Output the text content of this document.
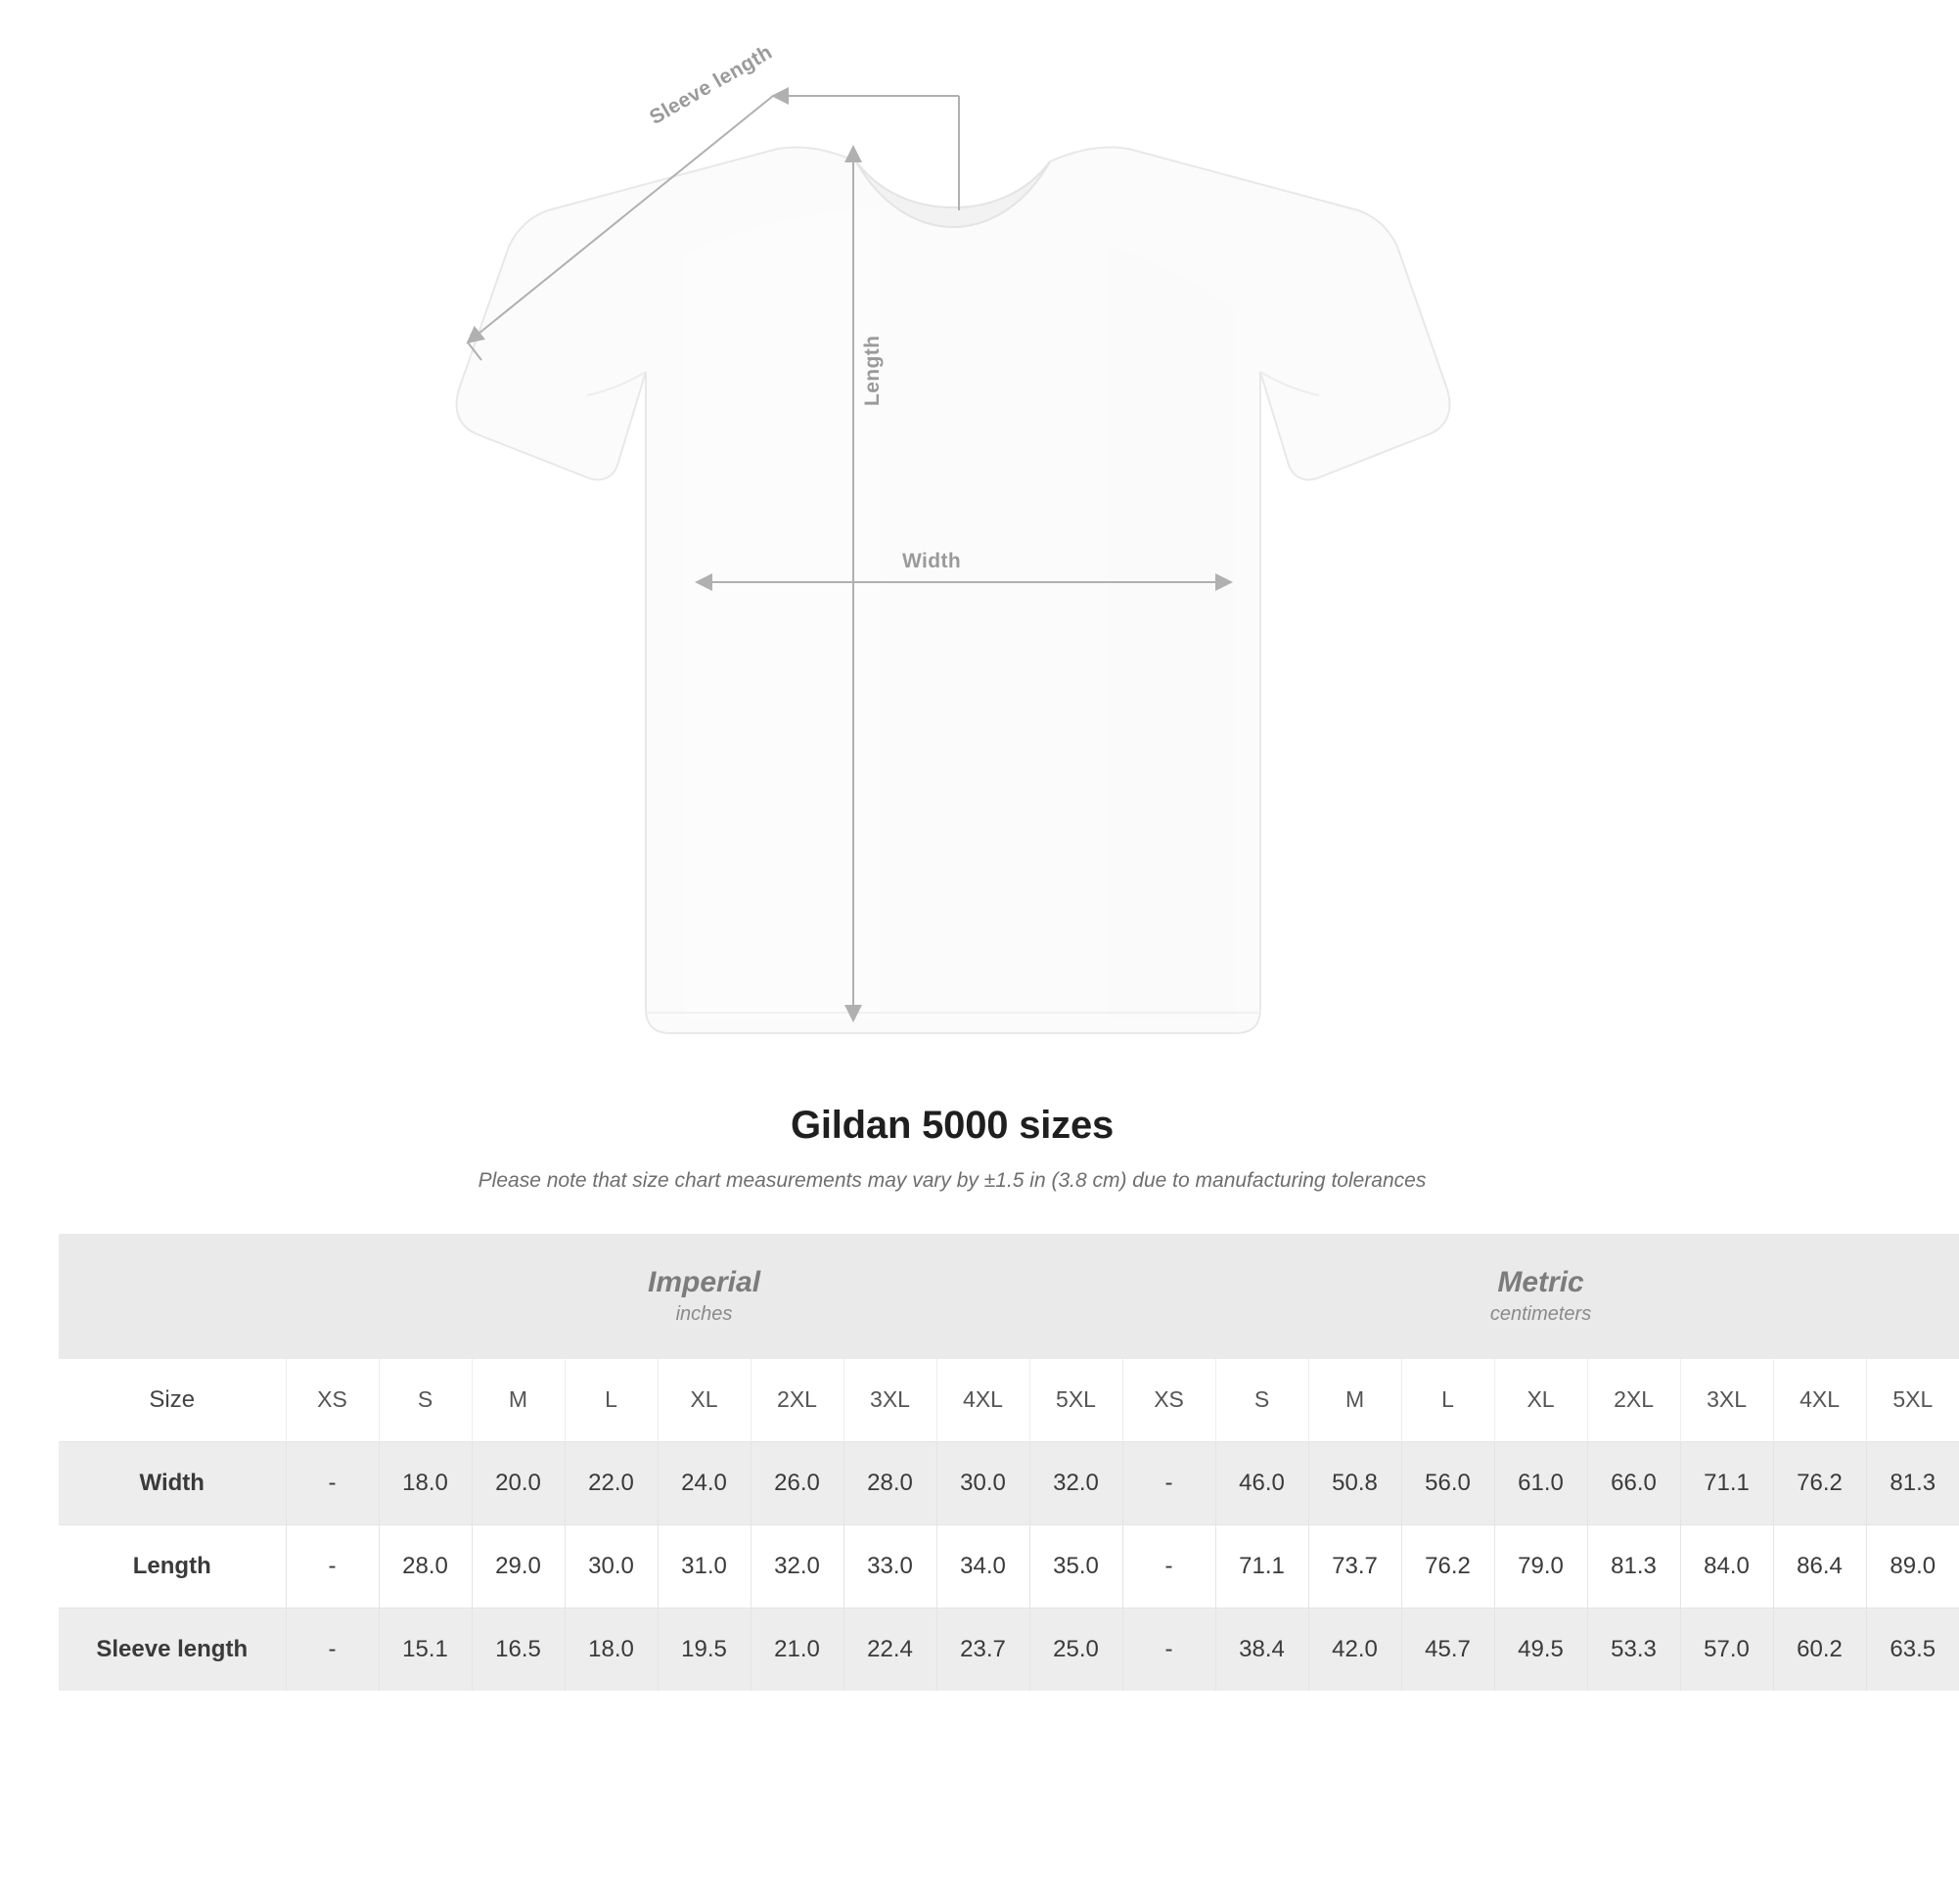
Width
Length
Sleeve length
Gildan 5000 sizes
Please note that size chart measurements may vary by ±1.5 in (3.8 cm) due to manufacturing tolerances

Imperial
inches

Metric
centimeters

Size	XS	S	M	L	XL	2XL	3XL	4XL	5XL	XS	S	M	L	XL	2XL	3XL	4XL	5XL
Width	-	18.0	20.0	22.0	24.0	26.0	28.0	30.0	32.0	-	46.0	50.8	56.0	61.0	66.0	71.1	76.2	81.3
Length	-	28.0	29.0	30.0	31.0	32.0	33.0	34.0	35.0	-	71.1	73.7	76.2	79.0	81.3	84.0	86.4	89.0
Sleeve length	-	15.1	16.5	18.0	19.5	21.0	22.4	23.7	25.0	-	38.4	42.0	45.7	49.5	53.3	57.0	60.2	63.5
